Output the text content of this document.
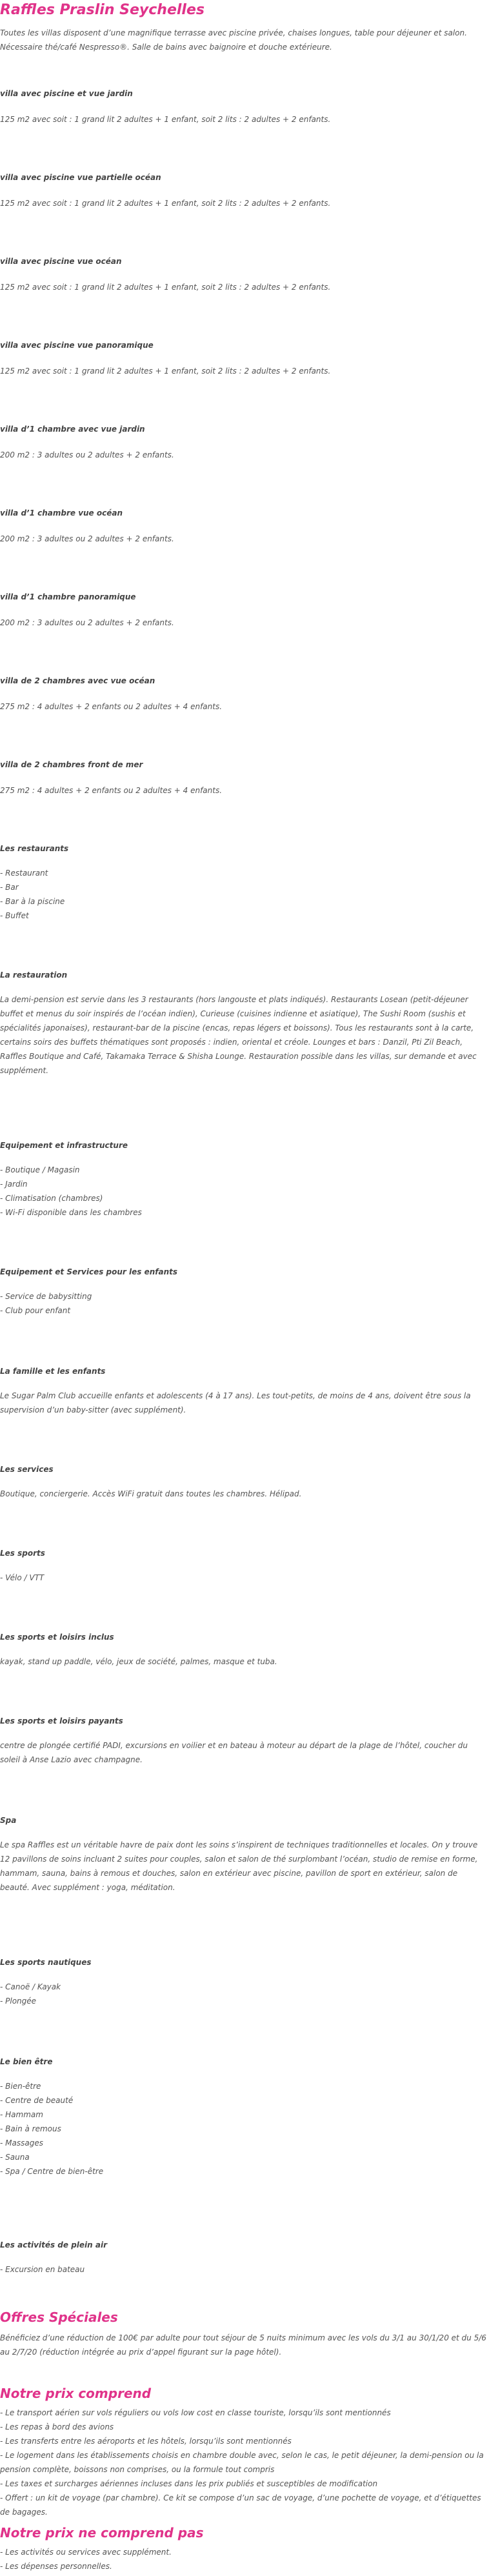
Raffles Praslin Seychelles

Toutes les villas disposent d’une magnifique terrasse avec piscine privée, chaises longues, table pour déjeuner et salon. Nécessaire thé/café Nespresso®. Salle de bains avec baignoire et douche extérieure.

villa avec piscine et vue jardin

125 m2 avec soit : 1 grand lit 2 adultes + 1 enfant, soit 2 lits : 2 adultes + 2 enfants.

villa avec piscine vue partielle océan

125 m2 avec soit : 1 grand lit 2 adultes + 1 enfant, soit 2 lits : 2 adultes + 2 enfants.

villa avec piscine vue océan

125 m2 avec soit : 1 grand lit 2 adultes + 1 enfant, soit 2 lits : 2 adultes + 2 enfants.

villa avec piscine vue panoramique

125 m2 avec soit : 1 grand lit 2 adultes + 1 enfant, soit 2 lits : 2 adultes + 2 enfants.

villa d’1 chambre avec vue jardin

200 m2 : 3 adultes ou 2 adultes + 2 enfants.

villa d’1 chambre vue océan

200 m2 : 3 adultes ou 2 adultes + 2 enfants.

villa d’1 chambre panoramique

200 m2 : 3 adultes ou 2 adultes + 2 enfants.

villa de 2 chambres avec vue océan

275 m2 : 4 adultes + 2 enfants ou 2 adultes + 4 enfants.

villa de 2 chambres front de mer

275 m2 : 4 adultes + 2 enfants ou 2 adultes + 4 enfants.

Les restaurants

- Restaurant
- Bar
- Bar à la piscine
- Buffet

La restauration

La demi-pension est servie dans les 3 restaurants (hors langouste et plats indiqués). Restaurants Losean (petit-déjeuner buffet et menus du soir inspirés de l’océan indien), Curieuse (cuisines indienne et asiatique), The Sushi Room (sushis et spécialités japonaises), restaurant-bar de la piscine (encas, repas légers et boissons). Tous les restaurants sont à la carte, certains soirs des buffets thématiques sont proposés : indien, oriental et créole. Lounges et bars : Danzil, Pti Zil Beach, Raffles Boutique and Café, Takamaka Terrace & Shisha Lounge. Restauration possible dans les villas, sur demande et avec supplément.

Equipement et infrastructure

- Boutique / Magasin
- Jardin
- Climatisation (chambres)
- Wi-Fi disponible dans les chambres

Equipement et Services pour les enfants

- Service de babysitting
- Club pour enfant

La famille et les enfants

Le Sugar Palm Club accueille enfants et adolescents (4 à 17 ans). Les tout-petits, de moins de 4 ans, doivent être sous la supervision d’un baby-sitter (avec supplément).

Les services

Boutique, conciergerie. Accès WiFi gratuit dans toutes les chambres. Hélipad.

Les sports

- Vélo / VTT

Les sports et loisirs inclus

kayak, stand up paddle, vélo, jeux de société, palmes, masque et tuba.

Les sports et loisirs payants

centre de plongée certifié PADI, excursions en voilier et en bateau à moteur au départ de la plage de l’hôtel, coucher du soleil à Anse Lazio avec champagne.

Spa

Le spa Raffles est un véritable havre de paix dont les soins s’inspirent de techniques traditionnelles et locales. On y trouve 12 pavillons de soins incluant 2 suites pour couples, salon et salon de thé surplombant l’océan, studio de remise en forme, hammam, sauna, bains à remous et douches, salon en extérieur avec piscine, pavillon de sport en extérieur, salon de beauté. Avec supplément : yoga, méditation.

Les sports nautiques

- Canoë / Kayak
- Plongée

Le bien être

- Bien-être
- Centre de beauté
- Hammam
- Bain à remous
- Massages
- Sauna
- Spa / Centre de bien-être

Les activités de plein air

- Excursion en bateau
Offres Spéciales

Bénéficiez d’une réduction de 100€ par adulte pour tout séjour de 5 nuits minimum avec les vols du 3/1 au 30/1/20 et du 5/6 au 2/7/20 (réduction intégrée au prix d’appel figurant sur la page hôtel).

Notre prix comprend
- Le transport aérien sur vols réguliers ou vols low cost en classe touriste, lorsqu’ils sont mentionnés
- Les repas à bord des avions
- Les transferts entre les aéroports et les hôtels, lorsqu’ils sont mentionnés
- Le logement dans les établissements choisis en chambre double avec, selon le cas, le petit déjeuner, la demi-pension ou la pension complète, boissons non comprises, ou la formule tout compris
- Les taxes et surcharges aériennes incluses dans les prix publiés et susceptibles de modification
- Offert : un kit de voyage (par chambre). Ce kit se compose d’un sac de voyage, d’une pochette de voyage, et d’étiquettes de bagages.
Notre prix ne comprend pas
- Les activités ou services avec supplément.
- Les dépenses personnelles.
